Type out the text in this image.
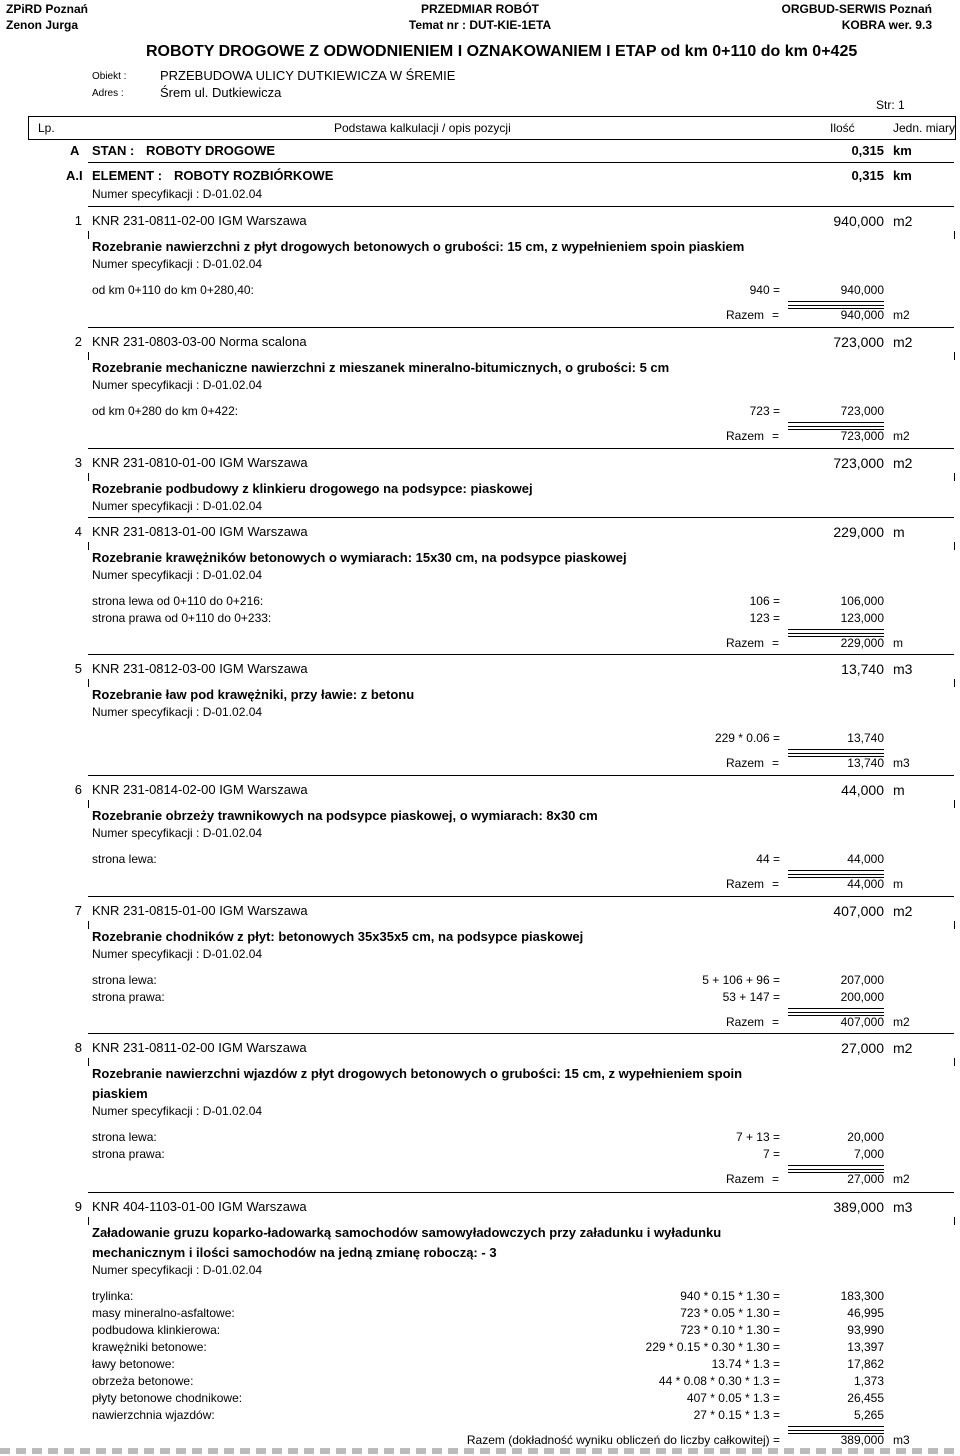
ZPiRD Poznań
Zenon Jurga
PRZEDMIAR ROBÓT
Temat nr : DUT-KIE-1ETA
ORGBUD-SERWIS Poznań
KOBRA wer. 9.3
ROBOTY DROGOWE Z ODWODNIENIEM I OZNAKOWANIEM I ETAP od km 0+110 do km 0+425
Obiekt :	PRZEBUDOWA ULICY DUTKIEWICZA W ŚREMIE
Adres :	Śrem ul. Dutkiewicza
Str: 1
Lp.	Podstawa kalkulacji / opis pozycji	Ilość	Jedn. miary
A STAN : ROBOTY DROGOWE	0,315 km
A.I ELEMENT : ROBOTY ROZBIÓRKOWE	0,315 km
Numer specyfikacji : D-01.02.04
1 KNR 231-0811-02-00 IGM Warszawa	940,000 m2
Rozebranie nawierzchni z płyt drogowych betonowych o grubości: 15 cm, z wypełnieniem spoin piaskiem
Numer specyfikacji : D-01.02.04
od km 0+110 do km 0+280,40:	940 =	940,000
Razem =	940,000 m2
2 KNR 231-0803-03-00 Norma scalona	723,000 m2
Rozebranie mechaniczne nawierzchni z mieszanek mineralno-bitumicznych, o grubości: 5 cm
Numer specyfikacji : D-01.02.04
od km 0+280 do km 0+422:	723 =	723,000
Razem =	723,000 m2
3 KNR 231-0810-01-00 IGM Warszawa	723,000 m2
Rozebranie podbudowy z klinkieru drogowego na podsypce: piaskowej
Numer specyfikacji : D-01.02.04
4 KNR 231-0813-01-00 IGM Warszawa	229,000 m
Rozebranie krawężników betonowych o wymiarach: 15x30 cm, na podsypce piaskowej
Numer specyfikacji : D-01.02.04
strona lewa od 0+110 do 0+216:	106 =	106,000
strona prawa od 0+110 do 0+233:	123 =	123,000
Razem =	229,000 m
5 KNR 231-0812-03-00 IGM Warszawa	13,740 m3
Rozebranie ław pod krawężniki, przy ławie: z betonu
Numer specyfikacji : D-01.02.04
229 * 0.06 =	13,740
Razem =	13,740 m3
6 KNR 231-0814-02-00 IGM Warszawa	44,000 m
Rozebranie obrzeży trawnikowych na podsypce piaskowej, o wymiarach: 8x30 cm
Numer specyfikacji : D-01.02.04
strona lewa:	44 =	44,000
Razem =	44,000 m
7 KNR 231-0815-01-00 IGM Warszawa	407,000 m2
Rozebranie chodników z płyt: betonowych 35x35x5 cm, na podsypce piaskowej
Numer specyfikacji : D-01.02.04
strona lewa:	5 + 106 + 96 =	207,000
strona prawa:	53 + 147 =	200,000
Razem =	407,000 m2
8 KNR 231-0811-02-00 IGM Warszawa	27,000 m2
Rozebranie nawierzchni wjazdów z płyt drogowych betonowych o grubości: 15 cm, z wypełnieniem spoin
piaskiem
Numer specyfikacji : D-01.02.04
strona lewa:	7 + 13 =	20,000
strona prawa:	7 =	7,000
Razem =	27,000 m2
9 KNR 404-1103-01-00 IGM Warszawa	389,000 m3
Załadowanie gruzu koparko-ładowarką samochodów samowyładowczych przy załadunku i wyładunku
mechanicznym i ilości samochodów na jedną zmianę roboczą: - 3
Numer specyfikacji : D-01.02.04
trylinka:	940 * 0.15 * 1.30 =	183,300
masy mineralno-asfaltowe:	723 * 0.05 * 1.30 =	46,995
podbudowa klinkierowa:	723 * 0.10 * 1.30 =	93,990
krawężniki betonowe:	229 * 0.15 * 0.30 * 1.30 =	13,397
ławy betonowe:	13.74 * 1.3 =	17,862
obrzeża betonowe:	44 * 0.08 * 0.30 * 1.3 =	1,373
płyty betonowe chodnikowe:	407 * 0.05 * 1.3 =	26,455
nawierzchnia wjazdów:	27 * 0.15 * 1.3 =	5,265
Razem (dokładność wyniku obliczeń do liczby całkowitej) =	389,000 m3
